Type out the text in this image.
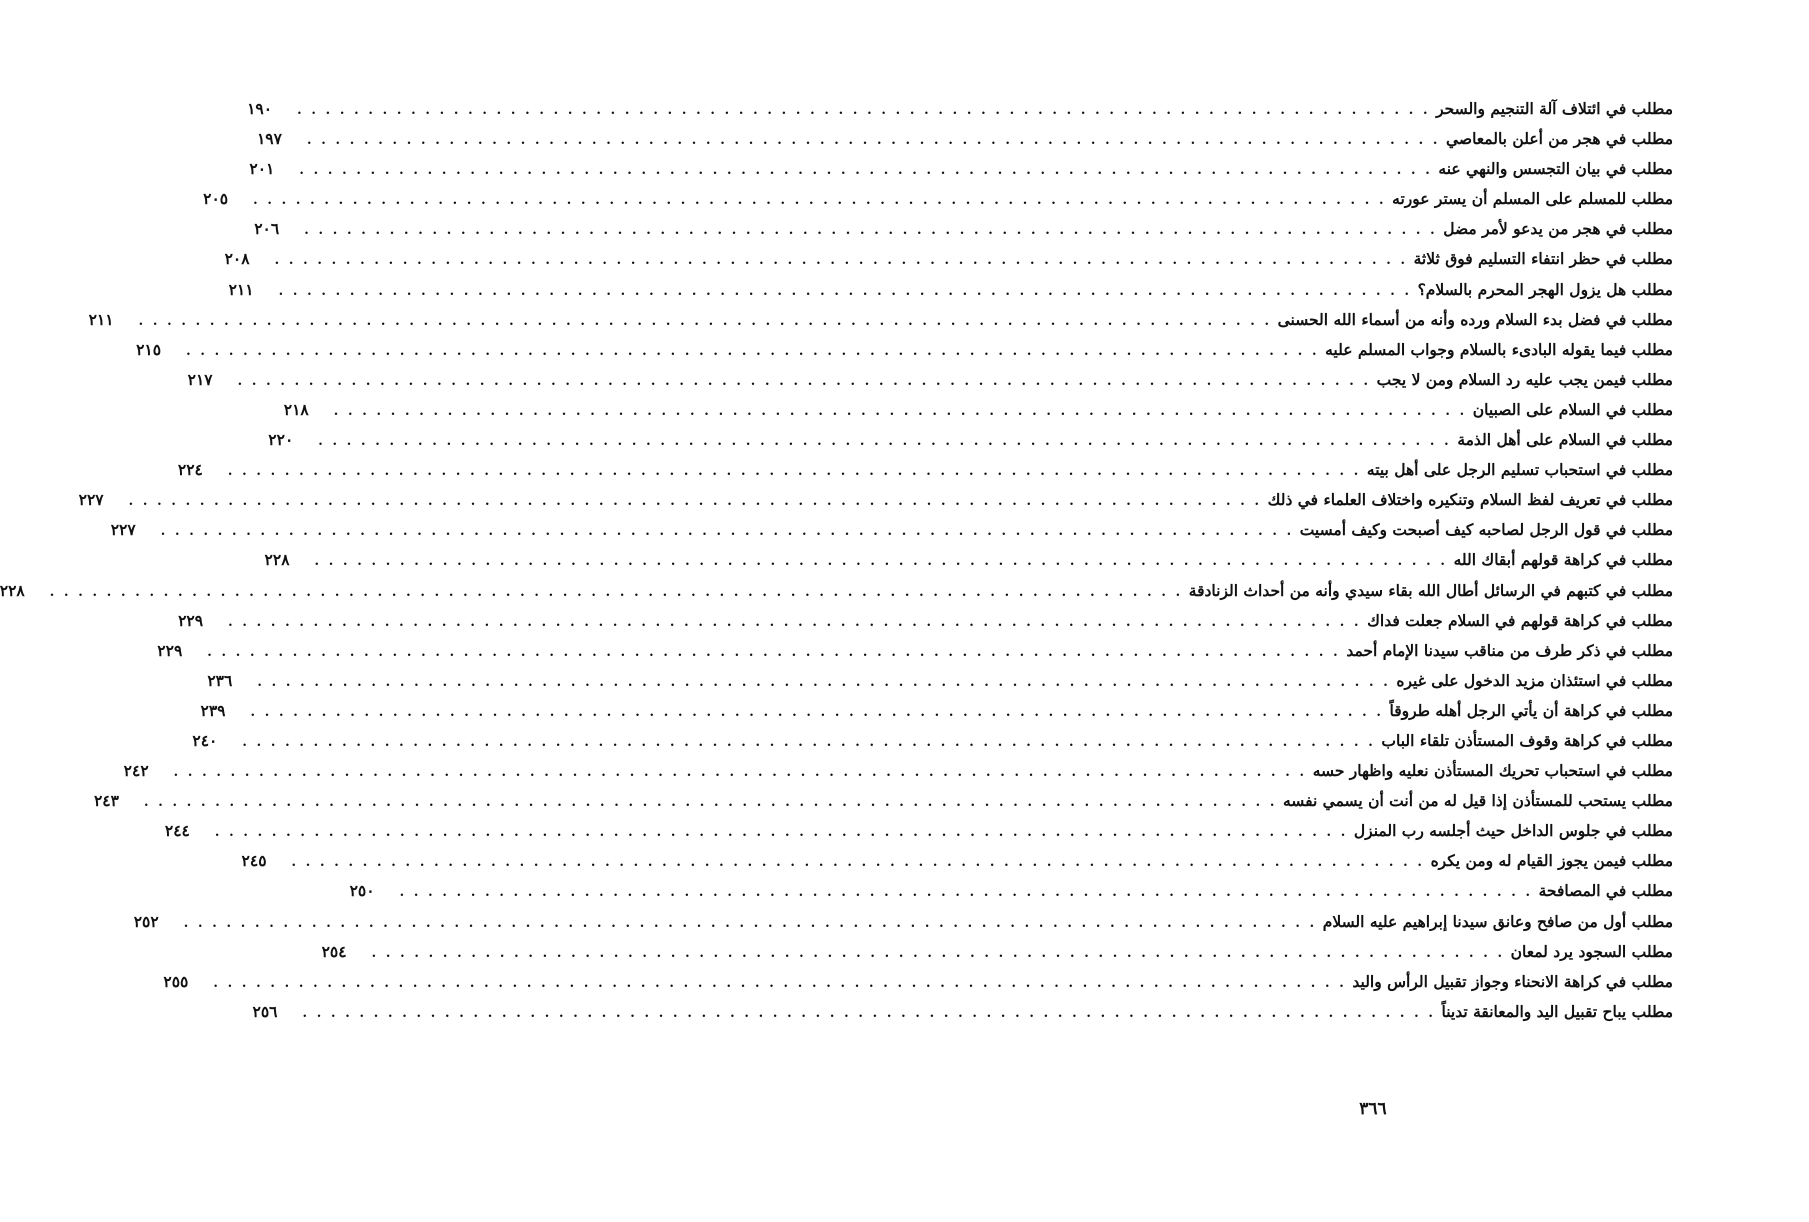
مطلب في ائتلاف آلة التنجيم والسحر
. . . . . . . . . . . . . . . . . . . . . . . . . . . . . . . . . . . . . . . . . . . . . . . . . . . . . . . . . . . . . . . . . . . . . . . . . . . . . . . .
١٩٠
مطلب في هجر من أعلن بالمعاصي
. . . . . . . . . . . . . . . . . . . . . . . . . . . . . . . . . . . . . . . . . . . . . . . . . . . . . . . . . . . . . . . . . . . . . . . . . . . . . . . .
١٩٧
مطلب في بيان التجسس والنهي عنه
. . . . . . . . . . . . . . . . . . . . . . . . . . . . . . . . . . . . . . . . . . . . . . . . . . . . . . . . . . . . . . . . . . . . . . . . . . . . . . . .
٢٠١
مطلب للمسلم على المسلم أن يستر عورته
. . . . . . . . . . . . . . . . . . . . . . . . . . . . . . . . . . . . . . . . . . . . . . . . . . . . . . . . . . . . . . . . . . . . . . . . . . . . . . . .
٢٠٥
مطلب في هجر من يدعو لأمر مضل
. . . . . . . . . . . . . . . . . . . . . . . . . . . . . . . . . . . . . . . . . . . . . . . . . . . . . . . . . . . . . . . . . . . . . . . . . . . . . . . .
٢٠٦
مطلب في حظر انتفاء التسليم فوق ثلاثة
. . . . . . . . . . . . . . . . . . . . . . . . . . . . . . . . . . . . . . . . . . . . . . . . . . . . . . . . . . . . . . . . . . . . . . . . . . . . . . . .
٢٠٨
مطلب هل يزول الهجر المحرم بالسلام؟
. . . . . . . . . . . . . . . . . . . . . . . . . . . . . . . . . . . . . . . . . . . . . . . . . . . . . . . . . . . . . . . . . . . . . . . . . . . . . . . .
٢١١
مطلب في فضل بدء السلام ورده وأنه من أسماء الله الحسنى
. . . . . . . . . . . . . . . . . . . . . . . . . . . . . . . . . . . . . . . . . . . . . . . . . . . . . . . . . . . . . . . . . . . . . . . . . . . . . . . .
٢١١
مطلب فيما يقوله البادىء بالسلام وجواب المسلم عليه
. . . . . . . . . . . . . . . . . . . . . . . . . . . . . . . . . . . . . . . . . . . . . . . . . . . . . . . . . . . . . . . . . . . . . . . . . . . . . . . .
٢١٥
مطلب فيمن يجب عليه رد السلام ومن لا يجب
. . . . . . . . . . . . . . . . . . . . . . . . . . . . . . . . . . . . . . . . . . . . . . . . . . . . . . . . . . . . . . . . . . . . . . . . . . . . . . . .
٢١٧
مطلب في السلام على الصبيان
. . . . . . . . . . . . . . . . . . . . . . . . . . . . . . . . . . . . . . . . . . . . . . . . . . . . . . . . . . . . . . . . . . . . . . . . . . . . . . . .
٢١٨
مطلب في السلام على أهل الذمة
. . . . . . . . . . . . . . . . . . . . . . . . . . . . . . . . . . . . . . . . . . . . . . . . . . . . . . . . . . . . . . . . . . . . . . . . . . . . . . . .
٢٢٠
مطلب في استحباب تسليم الرجل على أهل بيته
. . . . . . . . . . . . . . . . . . . . . . . . . . . . . . . . . . . . . . . . . . . . . . . . . . . . . . . . . . . . . . . . . . . . . . . . . . . . . . . .
٢٢٤
مطلب في تعريف لفظ السلام وتنكيره واختلاف العلماء في ذلك
. . . . . . . . . . . . . . . . . . . . . . . . . . . . . . . . . . . . . . . . . . . . . . . . . . . . . . . . . . . . . . . . . . . . . . . . . . . . . . . .
٢٢٧
مطلب في قول الرجل لصاحبه كيف أصبحت وكيف أمسيت
. . . . . . . . . . . . . . . . . . . . . . . . . . . . . . . . . . . . . . . . . . . . . . . . . . . . . . . . . . . . . . . . . . . . . . . . . . . . . . . .
٢٢٧
مطلب في كراهة قولهم أبقاك الله
. . . . . . . . . . . . . . . . . . . . . . . . . . . . . . . . . . . . . . . . . . . . . . . . . . . . . . . . . . . . . . . . . . . . . . . . . . . . . . . .
٢٢٨
مطلب في كتبهم في الرسائل أطال الله بقاء سيدي وأنه من أحداث الزنادقة
. . . . . . . . . . . . . . . . . . . . . . . . . . . . . . . . . . . . . . . . . . . . . . . . . . . . . . . . . . . . . . . . . . . . . . . . . . . . . . . .
٢٢٨
مطلب في كراهة قولهم في السلام جعلت فداك
. . . . . . . . . . . . . . . . . . . . . . . . . . . . . . . . . . . . . . . . . . . . . . . . . . . . . . . . . . . . . . . . . . . . . . . . . . . . . . . .
٢٢٩
مطلب في ذكر طرف من مناقب سيدنا الإمام أحمد
. . . . . . . . . . . . . . . . . . . . . . . . . . . . . . . . . . . . . . . . . . . . . . . . . . . . . . . . . . . . . . . . . . . . . . . . . . . . . . . .
٢٢٩
مطلب في استئذان مزيد الدخول على غيره
. . . . . . . . . . . . . . . . . . . . . . . . . . . . . . . . . . . . . . . . . . . . . . . . . . . . . . . . . . . . . . . . . . . . . . . . . . . . . . . .
٢٣٦
مطلب في كراهة أن يأتي الرجل أهله طروقاً
. . . . . . . . . . . . . . . . . . . . . . . . . . . . . . . . . . . . . . . . . . . . . . . . . . . . . . . . . . . . . . . . . . . . . . . . . . . . . . . .
٢٣٩
مطلب في كراهة وقوف المستأذن تلقاء الباب
. . . . . . . . . . . . . . . . . . . . . . . . . . . . . . . . . . . . . . . . . . . . . . . . . . . . . . . . . . . . . . . . . . . . . . . . . . . . . . . .
٢٤٠
مطلب في استحباب تحريك المستأذن نعليه واظهار حسه
. . . . . . . . . . . . . . . . . . . . . . . . . . . . . . . . . . . . . . . . . . . . . . . . . . . . . . . . . . . . . . . . . . . . . . . . . . . . . . . .
٢٤٢
مطلب يستحب للمستأذن إذا قيل له من أنت أن يسمي نفسه
. . . . . . . . . . . . . . . . . . . . . . . . . . . . . . . . . . . . . . . . . . . . . . . . . . . . . . . . . . . . . . . . . . . . . . . . . . . . . . . .
٢٤٣
مطلب في جلوس الداخل حيث أجلسه رب المنزل
. . . . . . . . . . . . . . . . . . . . . . . . . . . . . . . . . . . . . . . . . . . . . . . . . . . . . . . . . . . . . . . . . . . . . . . . . . . . . . . .
٢٤٤
مطلب فيمن يجوز القيام له ومن يكره
. . . . . . . . . . . . . . . . . . . . . . . . . . . . . . . . . . . . . . . . . . . . . . . . . . . . . . . . . . . . . . . . . . . . . . . . . . . . . . . .
٢٤٥
مطلب في المصافحة
. . . . . . . . . . . . . . . . . . . . . . . . . . . . . . . . . . . . . . . . . . . . . . . . . . . . . . . . . . . . . . . . . . . . . . . . . . . . . . . .
٢٥٠
مطلب أول من صافح وعانق سيدنا إبراهيم عليه السلام
. . . . . . . . . . . . . . . . . . . . . . . . . . . . . . . . . . . . . . . . . . . . . . . . . . . . . . . . . . . . . . . . . . . . . . . . . . . . . . . .
٢٥٢
مطلب السجود يرد لمعان
. . . . . . . . . . . . . . . . . . . . . . . . . . . . . . . . . . . . . . . . . . . . . . . . . . . . . . . . . . . . . . . . . . . . . . . . . . . . . . . .
٢٥٤
مطلب في كراهة الانحناء وجواز تقبيل الرأس واليد
. . . . . . . . . . . . . . . . . . . . . . . . . . . . . . . . . . . . . . . . . . . . . . . . . . . . . . . . . . . . . . . . . . . . . . . . . . . . . . . .
٢٥٥
مطلب يباح تقبيل اليد والمعانقة تديناً
. . . . . . . . . . . . . . . . . . . . . . . . . . . . . . . . . . . . . . . . . . . . . . . . . . . . . . . . . . . . . . . . . . . . . . . . . . . . . . . .
٢٥٦
٣٦٦
